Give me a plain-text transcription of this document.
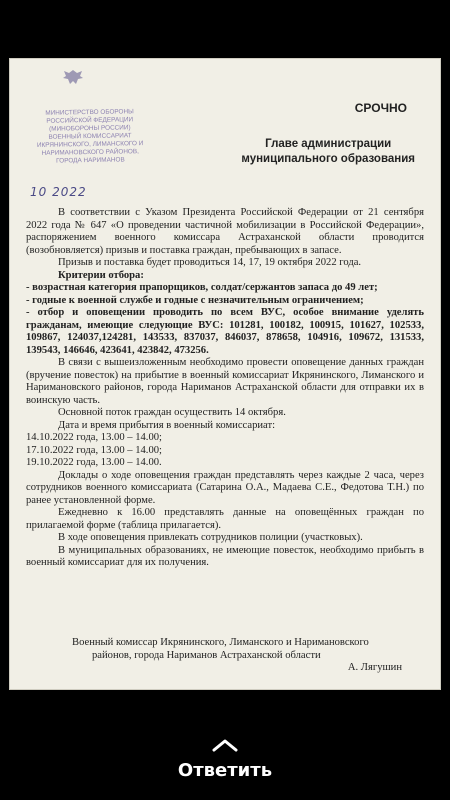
МИНИСТЕРСТВО ОБОРОНЫ
РОССИЙСКОЙ ФЕДЕРАЦИИ
(МИНОБОРОНЫ РОССИИ)
ВОЕННЫЙ КОМИССАРИАТ
ИКРЯНИНСКОГО, ЛИМАНСКОГО И
НАРИМАНОВСКОГО РАЙОНОВ,
ГОРОДА НАРИМАНОВ
10 2022
СРОЧНО
Главе администрации
муниципального образования

В соответствии с Указом Президента Российской Федерации от 21 сентября 2022 года № 647 «О проведении частичной мобилизации в Российской Федерации», распоряжением военного комиссара Астраханской области проводится (возобновляется) призыв и поставка граждан, пребывающих в запасе.

Призыв и поставка будет проводиться 14, 17, 19 октября 2022 года.

Критерии отбора:

- возрастная категория прапорщиков, солдат/сержантов запаса до 49 лет;

- годные к военной службе и годные с незначительным ограничением;

- отбор и оповещении проводить по всем ВУС, особое внимание уделять гражданам, имеющие следующие ВУС: 101281, 100182, 100915, 101627, 102533, 109867, 124037,124281, 143533, 837037, 846037, 878658, 104916, 109672, 131533, 139543, 146646, 423641, 423842, 473256.

В связи с вышеизложенным необходимо провести оповещение данных граждан (вручение повесток) на прибытие в военный комиссариат Икрянинского, Лиманского и Наримановского районов, города Нариманов Астраханской области для отправки их в воинскую часть.

Основной поток граждан осуществить 14 октября.

Дата и время прибытия в военный комиссариат:

14.10.2022 года, 13.00 – 14.00;

17.10.2022 года, 13.00 – 14.00;

19.10.2022 года, 13.00 – 14.00.

Доклады о ходе оповещения граждан представлять через каждые 2 часа, через сотрудников военного комиссариата (Сатарина О.А., Мадаева С.Е., Федотова Т.Н.) по ранее установленной форме.

Ежедневно к 16.00 представлять данные на оповещённых граждан по прилагаемой форме (таблица прилагается).

В ходе оповещения привлекать сотрудников полиции (участковых).

В муниципальных образованиях, не имеющие повесток, необходимо прибыть в военный комиссариат для их получения.

Военный комиссар Икрянинского, Лиманского и Наримановского
районов, города Нариманов Астраханской области
А. Лягушин
Ответить
